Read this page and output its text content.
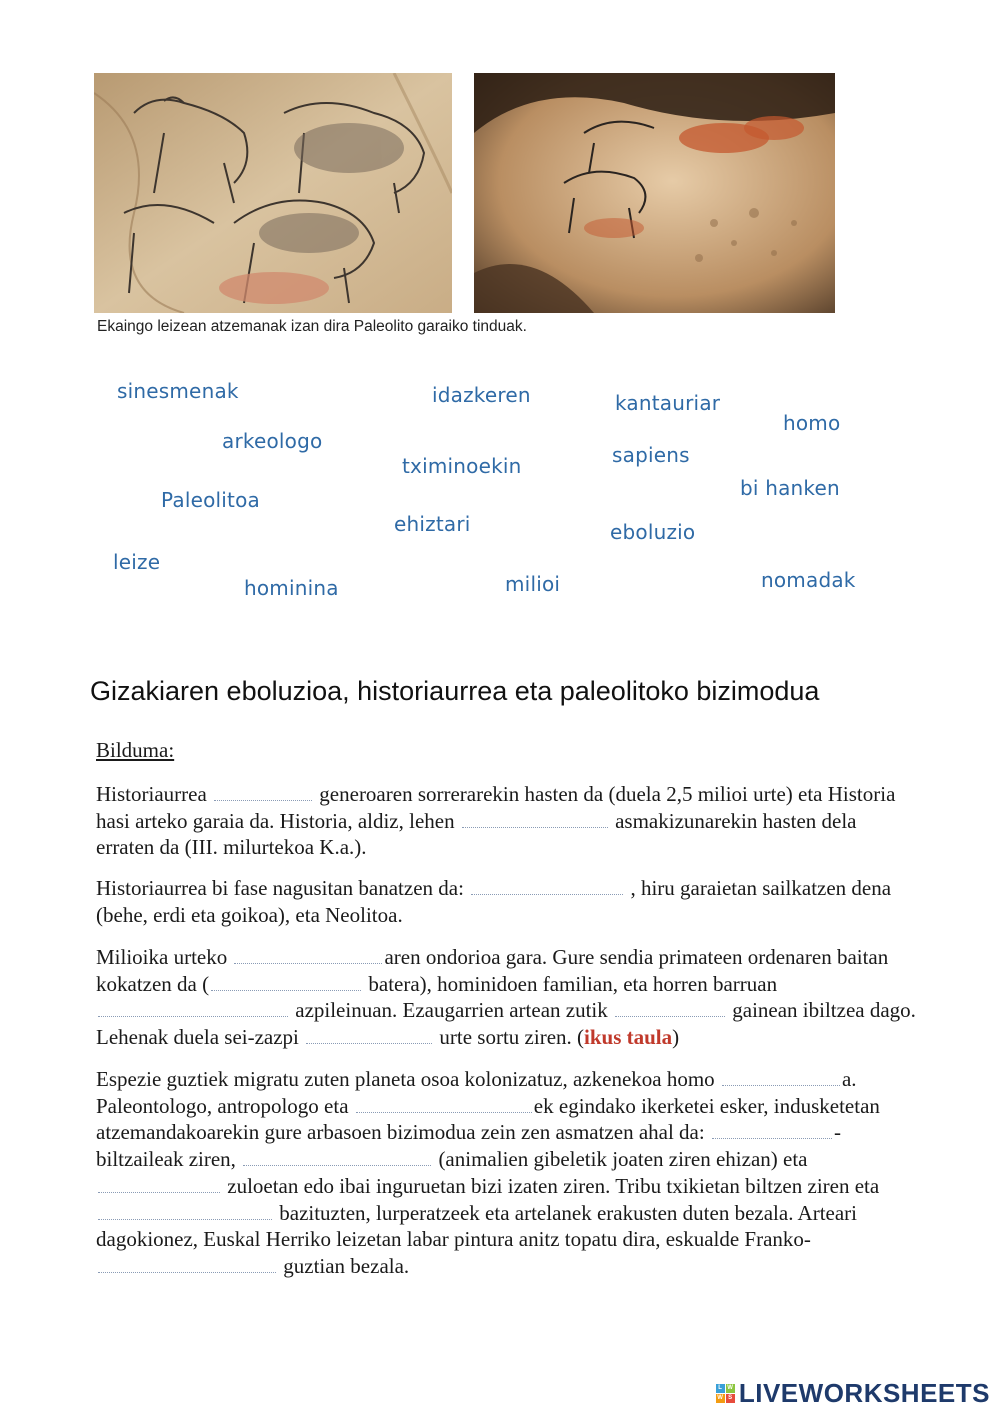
Ekaingo leizean atzemanak izan dira Paleolito garaiko tinduak.
sinesmenak	idazkeren	kantauriar
homo
arkeologo
tximinoekin	sapiens
bi hanken
Paleolitoa
ehiztari	eboluzio
leize
hominina	milioi	nomadak
Gizakiaren eboluzioa, historiaurrea eta paleolitoko bizimodua
Bilduma:
Historiaurrea	generoaren sorrerarekin hasten da (duela 2,5 milioi urte) eta Historia hasi arteko garaia da. Historia, aldiz, lehen	asmakizunarekin hasten dela erraten da (III. milurtekoa K.a.).
Historiaurrea bi fase nagusitan banatzen da:	, hiru garaietan sailkatzen dena (behe, erdi eta goikoa), eta Neolitoa.
Milioika urteko	aren ondorioa gara. Gure sendia primateen ordenaren baitan kokatzen da (	batera), hominidoen familian, eta horren barruan  azpileinuan. Ezaugarrien artean zutik	gainean ibiltzea dago. Lehenak duela sei-zazpi	urte sortu ziren. (ikus taula)
Espezie guztiek migratu zuten planeta osoa kolonizatuz, azkenekoa homo	a. Paleontologo, antropologo eta	ek egindako ikerketei esker, indusketetan atzemandakoarekin gure arbasoen bizimodua zein zen asmatzen ahal da:	-biltzaileak ziren,	(animalien gibeletik joaten ziren ehizan) eta  zuloetan edo ibai inguruetan bizi izaten ziren. Tribu txikietan biltzen ziren eta  bazituzten, lurperatzeek eta artelanek erakusten duten bezala. Arteari dagokionez, Euskal Herriko leizetan labar pintura anitz topatu dira, eskualde Franko- guztian bezala.
L W
W S LIVEWORKSHEETS
